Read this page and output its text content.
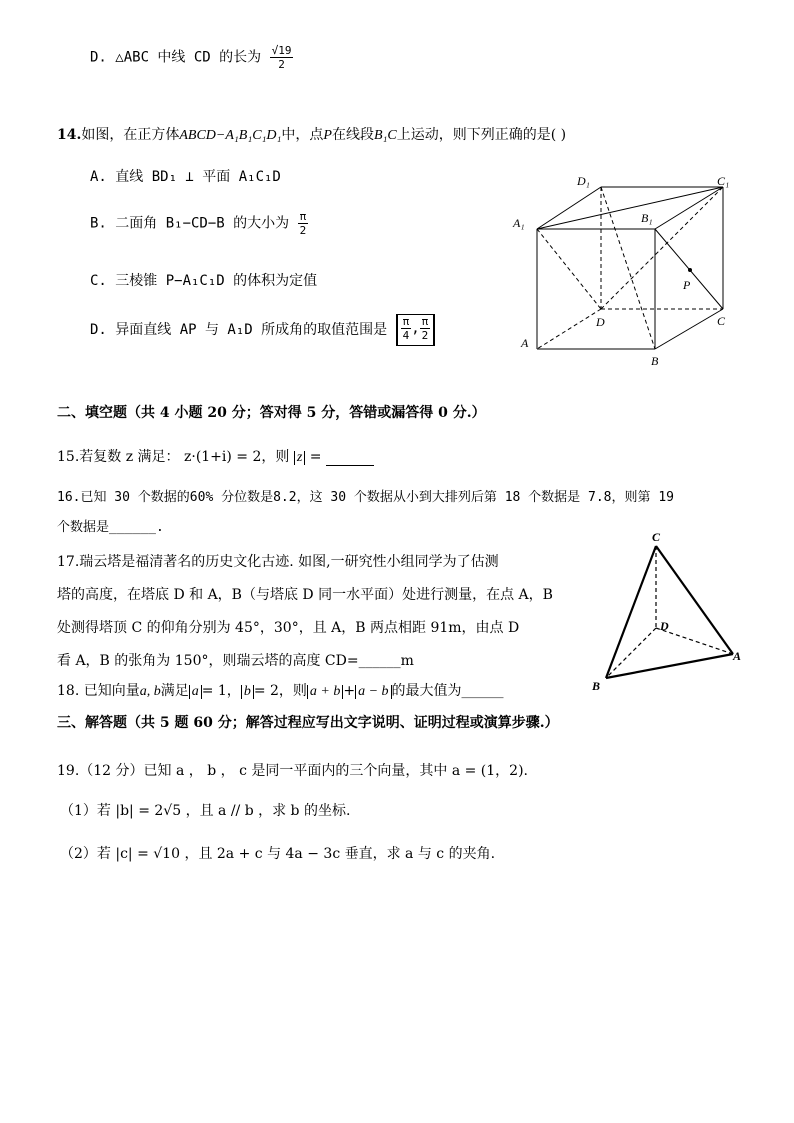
D. △ABC 中线 CD 的长为 $\frac{√19}{2}$
14.如图，在正方体ABCD−A₁B₁C₁D₁中，点P在线段B₁C上运动，则下列正确的是( )
A. 直线 BD₁ ⊥ 平面 A₁C₁D
B. 二面角 B₁−CD−B 的大小为 $\frac{\pi}{2}$
C. 三棱锥 P−A₁C₁D 的体积为定值
D. 异面直线 AP 与 A₁D 所成角的取值范围是 $\frac{\pi}{4}$ , $\frac{\pi}{2}$
D₁	C₁
B₁
A₁
P
D	C
A
B
二、填空题（共 4 小题 20 分；答对得 5 分，答错或漏答得 0 分.）
15.若复数 z 满足： z·(1+i) = 2，则 z =
16.已知 30 个数据的60% 分位数是8.2，这 30 个数据从小到大排列后第 18 个数据是 7.8，则第 19
个数据是______.
17.瑞云塔是福清著名的历史文化古迹. 如图,一研究性小组同学为了估测
塔的高度，在塔底 D 和 A，B（与塔底 D 同一水平面）处进行测量，在点 A，B
处测得塔顶 C 的仰角分别为 45°，30°，且 A，B 两点相距 91m，由点 D
看 A，B 的张角为 150°，则瑞云塔的高度 CD=______m
C
D
A
B
18. 已知向量a, b满足 a = 1， b = 2，则 a + b + a − b 的最大值为______
三、解答题（共 5 题 60 分；解答过程应写出文字说明、证明过程或演算步骤.）
19.（12 分）已知 a ， b ， c 是同一平面内的三个向量，其中 a = (1，2).
（1）若 |b| = 2√5 ，且 a // b ，求 b 的坐标.
（2）若 |c| = √10 ，且 2a + c 与 4a − 3c 垂直，求 a 与 c 的夹角.
